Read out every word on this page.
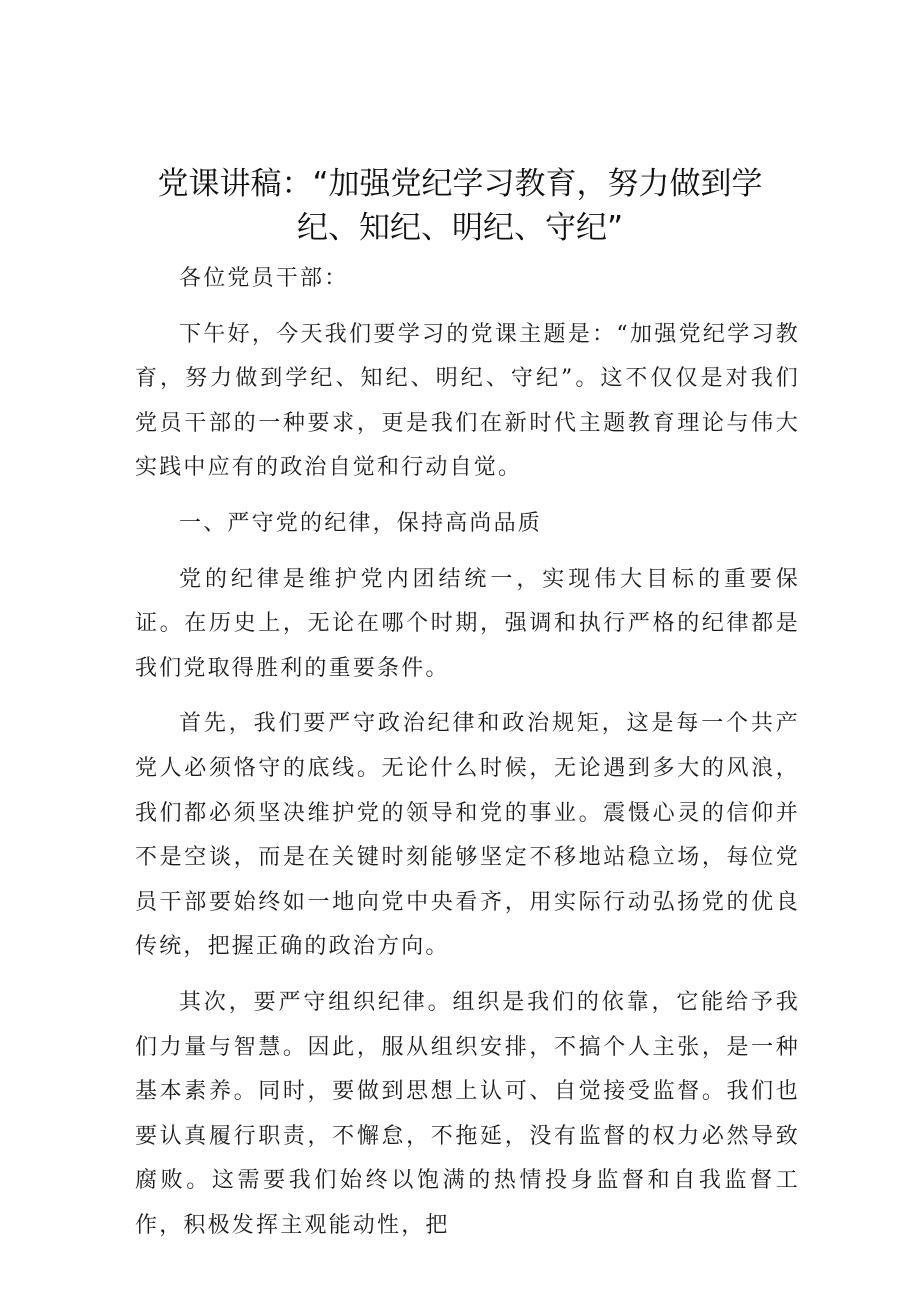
党课讲稿：“加强党纪学习教育，努力做到学
纪、知纪、明纪、守纪”

各位党员干部：

下午好，今天我们要学习的党课主题是：“加强党纪学习教育，努力做到学纪、知纪、明纪、守纪”。这不仅仅是对我们党员干部的一种要求，更是我们在新时代主题教育理论与伟大实践中应有的政治自觉和行动自觉。

一、严守党的纪律，保持高尚品质

党的纪律是维护党内团结统一，实现伟大目标的重要保证。在历史上，无论在哪个时期，强调和执行严格的纪律都是我们党取得胜利的重要条件。

首先，我们要严守政治纪律和政治规矩，这是每一个共产党人必须恪守的底线。无论什么时候，无论遇到多大的风浪，我们都必须坚决维护党的领导和党的事业。震慑心灵的信仰并不是空谈，而是在关键时刻能够坚定不移地站稳立场，每位党员干部要始终如一地向党中央看齐，用实际行动弘扬党的优良传统，把握正确的政治方向。

其次，要严守组织纪律。组织是我们的依靠，它能给予我们力量与智慧。因此，服从组织安排，不搞个人主张，是一种基本素养。同时，要做到思想上认可、自觉接受监督。我们也要认真履行职责，不懈怠，不拖延，没有监督的权力必然导致腐败。这需要我们始终以饱满的热情投身监督和自我监督工作，积极发挥主观能动性，把
